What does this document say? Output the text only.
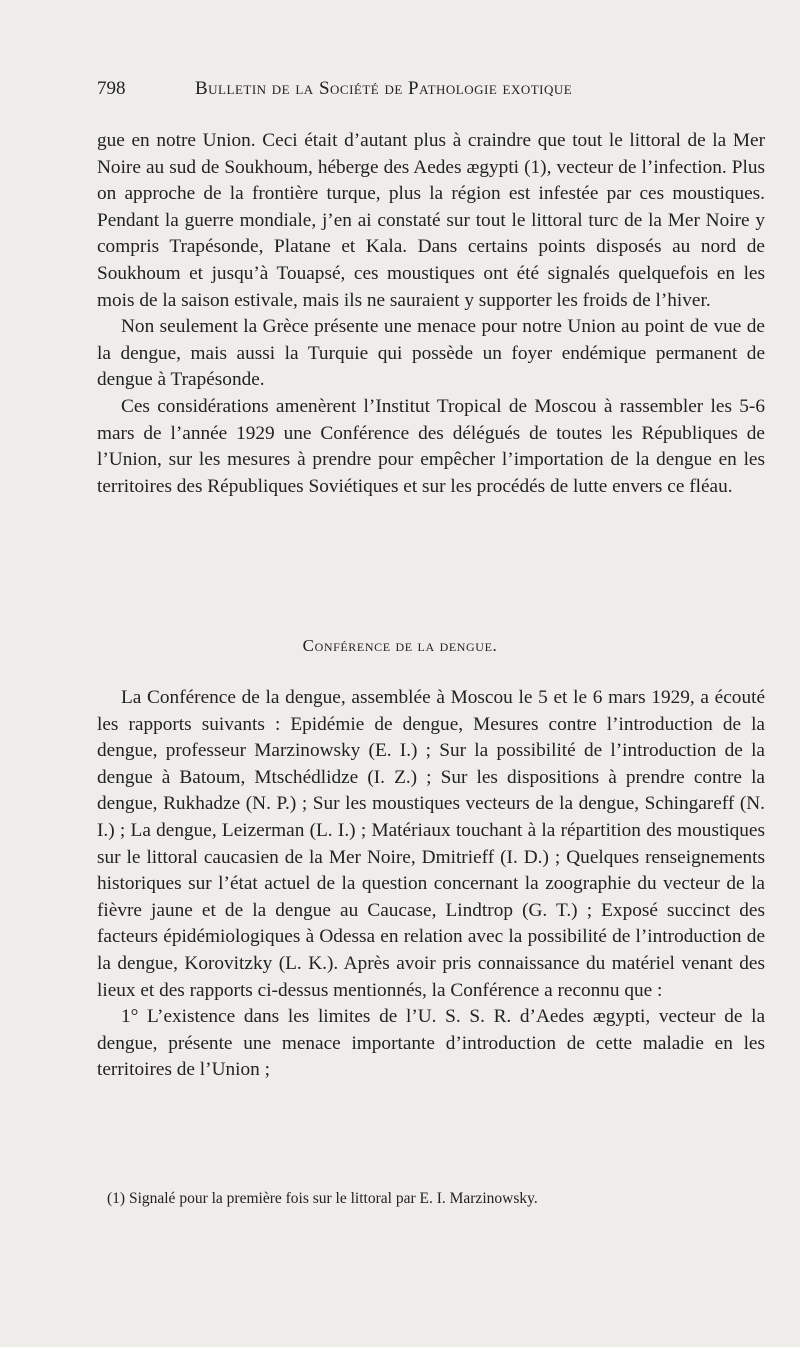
798	Bulletin de la Société de Pathologie exotique

gue en notre Union. Ceci était d’autant plus à craindre que tout le littoral de la Mer Noire au sud de Soukhoum, héberge des Aedes ægypti (1), vecteur de l’infection. Plus on approche de la frontière turque, plus la région est infestée par ces moustiques. Pendant la guerre mondiale, j’en ai constaté sur tout le littoral turc de la Mer Noire y compris Trapésonde, Platane et Kala. Dans certains points disposés au nord de Soukhoum et jusqu’à Touapsé, ces moustiques ont été signalés quelquefois en les mois de la saison estivale, mais ils ne sauraient y supporter les froids de l’hiver.

Non seulement la Grèce présente une menace pour notre Union au point de vue de la dengue, mais aussi la Turquie qui possède un foyer endémique permanent de dengue à Trapésonde.

Ces considérations amenèrent l’Institut Tropical de Moscou à rassembler les 5-6 mars de l’année 1929 une Conférence des délégués de toutes les Républiques de l’Union, sur les mesures à prendre pour empêcher l’importation de la dengue en les territoires des Républiques Soviétiques et sur les procédés de lutte envers ce fléau.

Conférence de la dengue.

La Conférence de la dengue, assemblée à Moscou le 5 et le 6 mars 1929, a écouté les rapports suivants : Epidémie de dengue, Mesures contre l’introduction de la dengue, professeur Marzinowsky (E. I.) ; Sur la possibilité de l’introduction de la dengue à Batoum, Mtschédlidze (I. Z.) ; Sur les dispositions à prendre contre la dengue, Rukhadze (N. P.) ; Sur les moustiques vecteurs de la dengue, Schingareff (N. I.) ; La dengue, Leizerman (L. I.) ; Matériaux touchant à la répartition des moustiques sur le littoral caucasien de la Mer Noire, Dmitrieff (I. D.) ; Quelques renseignements historiques sur l’état actuel de la question concernant la zoographie du vecteur de la fièvre jaune et de la dengue au Caucase, Lindtrop (G. T.) ; Exposé succinct des facteurs épidémiologiques à Odessa en relation avec la possibilité de l’introduction de la dengue, Korovitzky (L. K.). Après avoir pris connaissance du matériel venant des lieux et des rapports ci-dessus mentionnés, la Conférence a reconnu que :

1° L’existence dans les limites de l’U. S. S. R. d’Aedes ægypti, vecteur de la dengue, présente une menace importante d’introduction de cette maladie en les territoires de l’Union ;

(1) Signalé pour la première fois sur le littoral par E. I. Marzinowsky.
